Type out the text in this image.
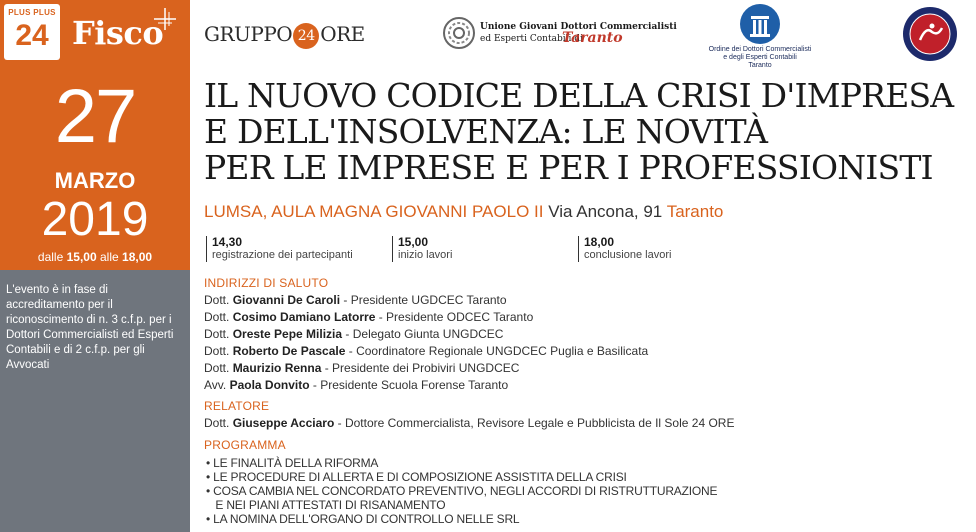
PLUS PLUS
24 Fisco
27
MARZO
2019
dalle 15,00 alle 18,00
L'evento è in fase di accreditamento per il riconoscimento di n. 3 c.f.p. per i Dottori Commercialisti ed Esperti Contabili e di 2 c.f.p. per gli Avvocati
GRUPPO 24 ORE	Unione Giovani Dottori Commercialisti
ed Esperti Contabili di
Taranto
Ordine dei Dottori Commercialisti
e degli Esperti Contabili
Taranto
IL NUOVO CODICE DELLA CRISI D'IMPRESA
E DELL'INSOLVENZA: LE NOVITÀ
PER LE IMPRESE E PER I PROFESSIONISTI
LUMSA, AULA MAGNA GIOVANNI PAOLO II Via Ancona, 91 Taranto
14,30
registrazione dei partecipanti
15,00
inizio lavori
18,00
conclusione lavori
INDIRIZZI DI SALUTO
Dott. Giovanni De Caroli - Presidente UGDCEC Taranto
Dott. Cosimo Damiano Latorre - Presidente ODCEC Taranto
Dott. Oreste Pepe Milizia - Delegato Giunta UNGDCEC
Dott. Roberto De Pascale - Coordinatore Regionale UNGDCEC Puglia e Basilicata
Dott. Maurizio Renna - Presidente dei Probiviri UNGDCEC
Avv. Paola Donvito - Presidente Scuola Forense Taranto
RELATORE
Dott. Giuseppe Acciaro - Dottore Commercialista, Revisore Legale e Pubblicista de Il Sole 24 ORE
PROGRAMMA
• LE FINALITÀ DELLA RIFORMA
• LE PROCEDURE DI ALLERTA E DI COMPOSIZIONE ASSISTITA DELLA CRISI
• COSA CAMBIA NEL CONCORDATO PREVENTIVO, NEGLI ACCORDI DI RISTRUTTURAZIONE
E NEI PIANI ATTESTATI DI RISANAMENTO
• LA NOMINA DELL'ORGANO DI CONTROLLO NELLE SRL
